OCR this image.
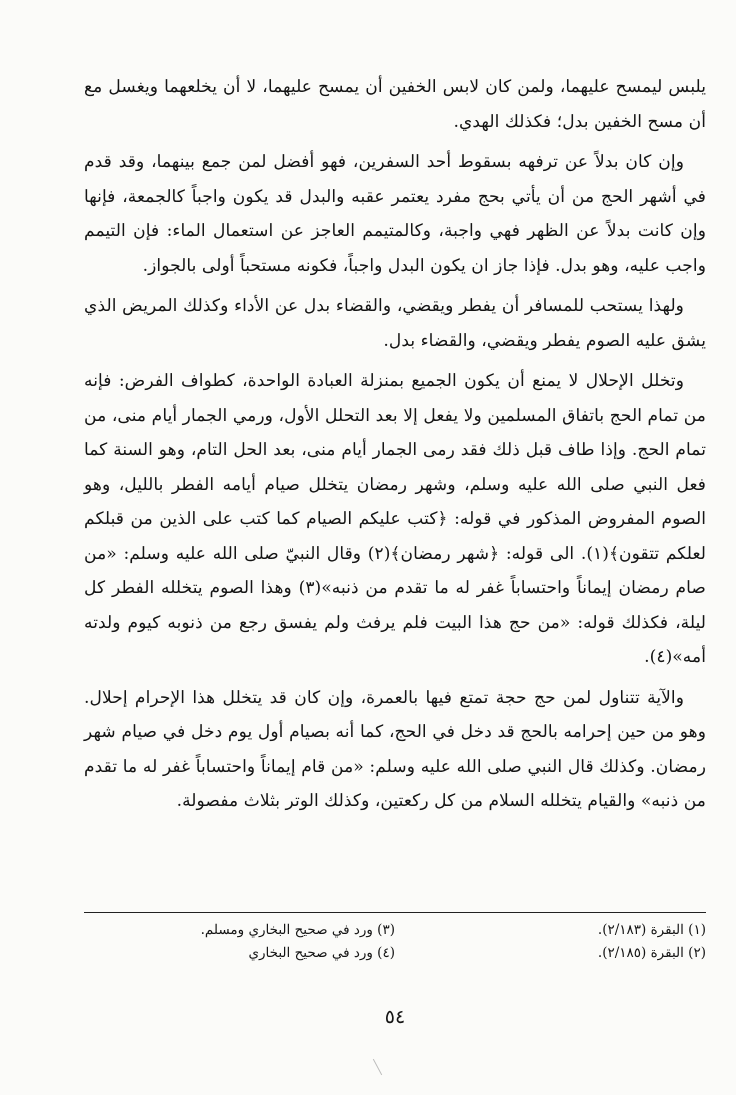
يلبس ليمسح عليهما، ولمن كان لابس الخفين أن يمسح عليهما، لا أن يخلعهما ويغسل مع أن مسح الخفين بدل؛ فكذلك الهدي.

وإن كان بدلاً عن ترفهه بسقوط أحد السفرين، فهو أفضل لمن جمع بينهما، وقد قدم في أشهر الحج من أن يأتي بحج مفرد يعتمر عقبه والبدل قد يكون واجباً كالجمعة، فإنها وإن كانت بدلاً عن الظهر فهي واجبة، وكالمتيمم العاجز عن استعمال الماء: فإن التيمم واجب عليه، وهو بدل. فإذا جاز ان يكون البدل واجباً، فكونه مستحباً أولى بالجواز.

ولهذا يستحب للمسافر أن يفطر ويقضي، والقضاء بدل عن الأداء وكذلك المريض الذي يشق عليه الصوم يفطر ويقضي، والقضاء بدل.

وتخلل الإحلال لا يمنع أن يكون الجميع بمنزلة العبادة الواحدة، كطواف الفرض: فإنه من تمام الحج باتفاق المسلمين ولا يفعل إلا بعد التحلل الأول، ورمي الجمار أيام منى، من تمام الحج. وإذا طاف قبل ذلك فقد رمى الجمار أيام منى، بعد الحل التام، وهو السنة كما فعل النبي صلى الله عليه وسلم، وشهر رمضان يتخلل صيام أيامه الفطر بالليل، وهو الصوم المفروض المذكور في قوله: ﴿كتب عليكم الصيام كما كتب على الذين من قبلكم لعلكم تتقون﴾(١). الى قوله: ﴿شهر رمضان﴾(٢) وقال النبيّ صلى الله عليه وسلم: «من صام رمضان إيماناً واحتساباً غفر له ما تقدم من ذنبه»(٣) وهذا الصوم يتخلله الفطر كل ليلة، فكذلك قوله: «من حج هذا البيت فلم يرفث ولم يفسق رجع من ذنوبه كيوم ولدته أمه»(٤).

والآية تتناول لمن حج حجة تمتع فيها بالعمرة، وإن كان قد يتخلل هذا الإحرام إحلال. وهو من حين إحرامه بالحج قد دخل في الحج، كما أنه بصيام أول يوم دخل في صيام شهر رمضان. وكذلك قال النبي صلى الله عليه وسلم: «من قام إيماناً واحتساباً غفر له ما تقدم من ذنبه» والقيام يتخلله السلام من كل ركعتين، وكذلك الوتر بثلاث مفصولة.

(١) البقرة (٢/١٨٣).
(٣) ورد في صحيح البخاري ومسلم.
(٢) البقرة (٢/١٨٥).
(٤) ورد في صحيح البخاري
٥٤
